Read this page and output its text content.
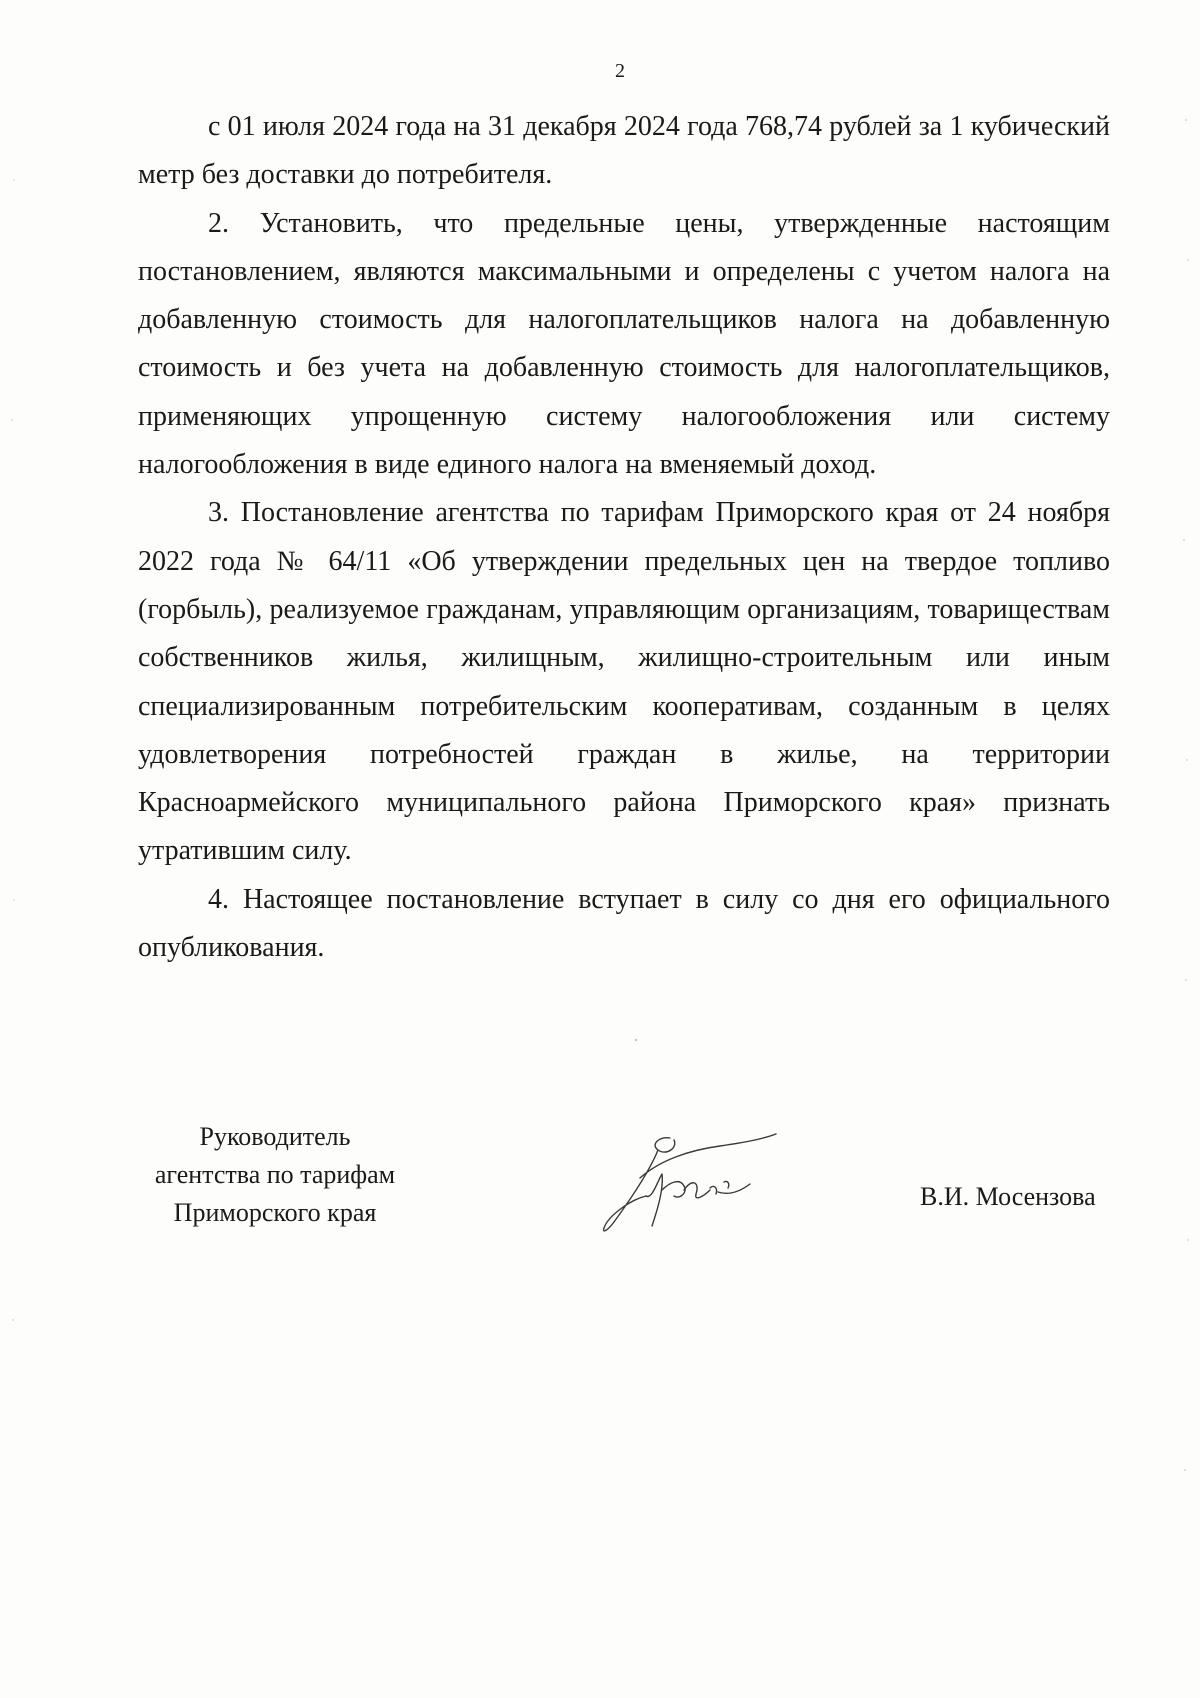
2

с 01 июля 2024 года на 31 декабря 2024 года 768,74 рублей за 1 кубический метр без доставки до потребителя.

2. Установить, что предельные цены, утвержденные настоящим постановлением, являются максимальными и определены с учетом налога на добавленную стоимость для налогоплательщиков налога на добавленную стоимость и без учета на добавленную стоимость для налогоплательщиков, применяющих упрощенную систему налогообложения или систему налогообложения в виде единого налога на вменяемый доход.

3. Постановление агентства по тарифам Приморского края от 24 ноября 2022 года № 64/11 «Об утверждении предельных цен на твердое топливо (горбыль), реализуемое гражданам, управляющим организациям, товариществам собственников жилья, жилищным, жилищно-строительным или иным специализированным потребительским кооперативам, созданным в целях удовлетворения потребностей граждан в жилье, на территории Красноармейского муниципального района Приморского края» признать утратившим силу.

4. Настоящее постановление вступает в силу со дня его официального опубликования.

Руководитель
агентства по тарифам
Приморского края
В.И. Мосензова
